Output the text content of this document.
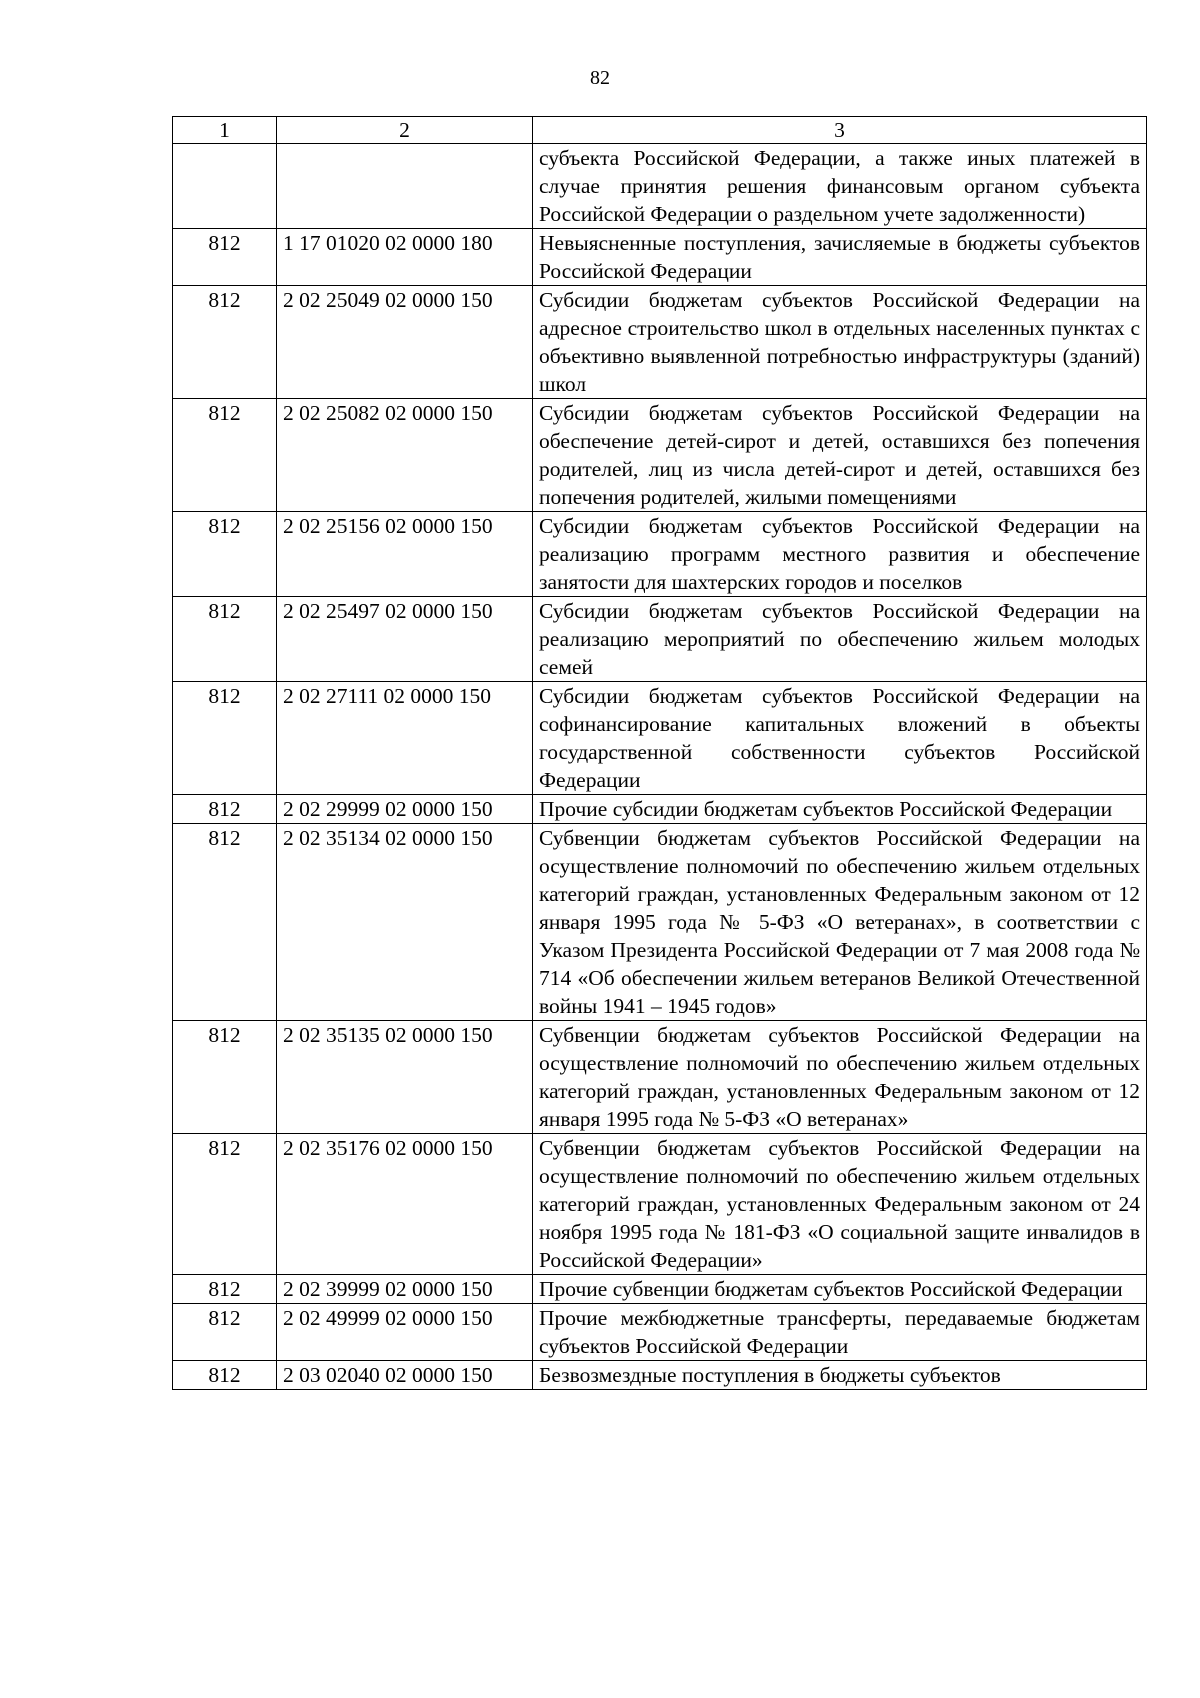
82
1	2	3
		субъекта Российской Федерации, а также иных платежей в случае принятия решения финансовым органом субъекта Российской Федерации о раздельном учете задолженности)
812	1 17 01020 02 0000 180	Невыясненные поступления, зачисляемые в бюджеты субъектов Российской Федерации
812	2 02 25049 02 0000 150	Субсидии бюджетам субъектов Российской Федерации на адресное строительство школ в отдельных населенных пунктах с объективно выявленной потребностью инфраструктуры (зданий) школ
812	2 02 25082 02 0000 150	Субсидии бюджетам субъектов Российской Федерации на обеспечение детей-сирот и детей, оставшихся без попечения родителей, лиц из числа детей-сирот и детей, оставшихся без попечения родителей, жилыми помещениями
812	2 02 25156 02 0000 150	Субсидии бюджетам субъектов Российской Федерации на реализацию программ местного развития и обеспечение занятости для шахтерских городов и поселков
812	2 02 25497 02 0000 150	Субсидии бюджетам субъектов Российской Федерации на реализацию мероприятий по обеспечению жильем молодых семей
812	2 02 27111 02 0000 150	Субсидии бюджетам субъектов Российской Федерации на софинансирование капитальных вложений в объекты государственной собственности субъектов Российской Федерации
812	2 02 29999 02 0000 150	Прочие субсидии бюджетам субъектов Российской Федерации
812	2 02 35134 02 0000 150	Субвенции бюджетам субъектов Российской Федерации на осуществление полномочий по обеспечению жильем отдельных категорий граждан, установленных Федеральным законом от 12 января 1995 года № 5-ФЗ «О ветеранах», в соответствии с Указом Президента Российской Федерации от 7 мая 2008 года № 714 «Об обеспечении жильем ветеранов Великой Отечественной войны 1941 – 1945 годов»
812	2 02 35135 02 0000 150	Субвенции бюджетам субъектов Российской Федерации на осуществление полномочий по обеспечению жильем отдельных категорий граждан, установленных Федеральным законом от 12 января 1995 года № 5-ФЗ «О ветеранах»
812	2 02 35176 02 0000 150	Субвенции бюджетам субъектов Российской Федерации на осуществление полномочий по обеспечению жильем отдельных категорий граждан, установленных Федеральным законом от 24 ноября 1995 года № 181-ФЗ «О социальной защите инвалидов в Российской Федерации»
812	2 02 39999 02 0000 150	Прочие субвенции бюджетам субъектов Российской Федерации
812	2 02 49999 02 0000 150	Прочие межбюджетные трансферты, передаваемые бюджетам субъектов Российской Федерации
812	2 03 02040 02 0000 150	Безвозмездные поступления в бюджеты субъектов
